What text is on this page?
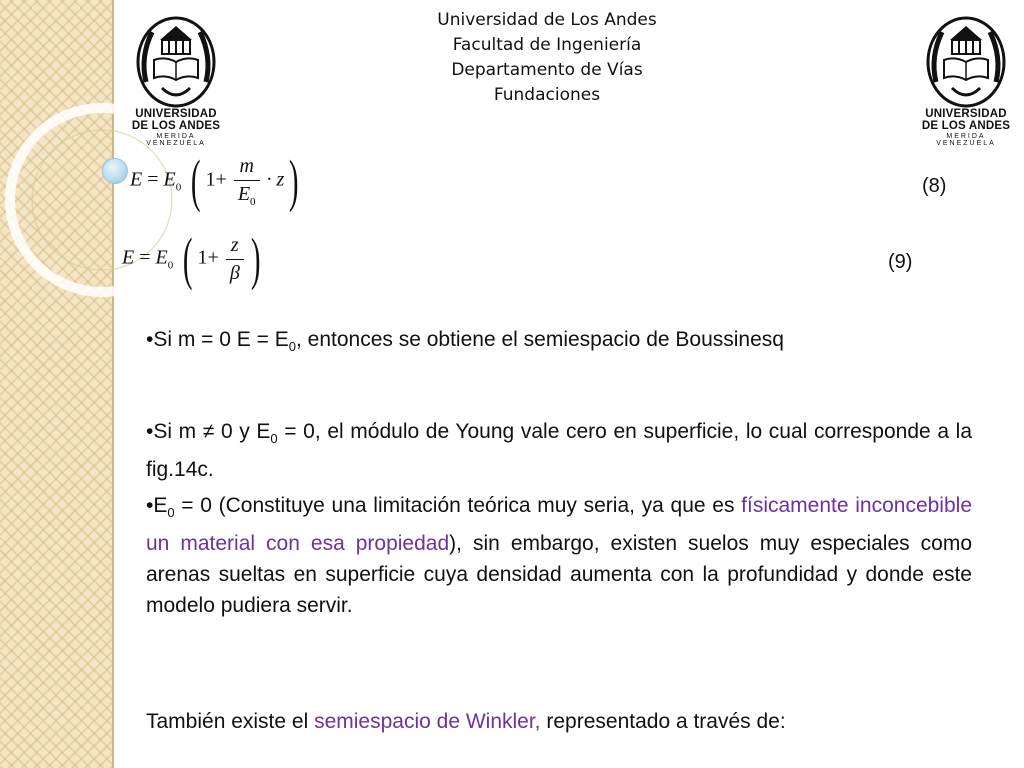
Universidad de Los Andes
Facultad de Ingeniería
Departamento de Vías
Fundaciones
UNIVERSIDAD
DE LOS ANDES
MERIDA VENEZUELA
UNIVERSIDAD
DE LOS ANDES
MERIDA VENEZUELA
$E = E_0$ ( $1+ \frac{m}{E_0} \cdot z$)	(8)
$E = E_0$ ( $1+ \frac{z}{\beta}$ )	(9)
•Si m = 0 $E = E_0$, entonces se obtiene el semiespacio de Boussinesq
•Si m ≠ 0 y $E_0 = 0$, el módulo de Young vale cero en superficie, lo cual corresponde a la fig.14c.
$•E_0 = 0$ (Constituye una limitación teórica muy seria, ya que es físicamente inconcebible un material con esa propiedad), sin embargo, existen suelos muy especiales como arenas sueltas en superficie cuya densidad aumenta con la profundidad y donde este modelo pudiera servir.
También existe el semiespacio de Winkler, representado a través de:
